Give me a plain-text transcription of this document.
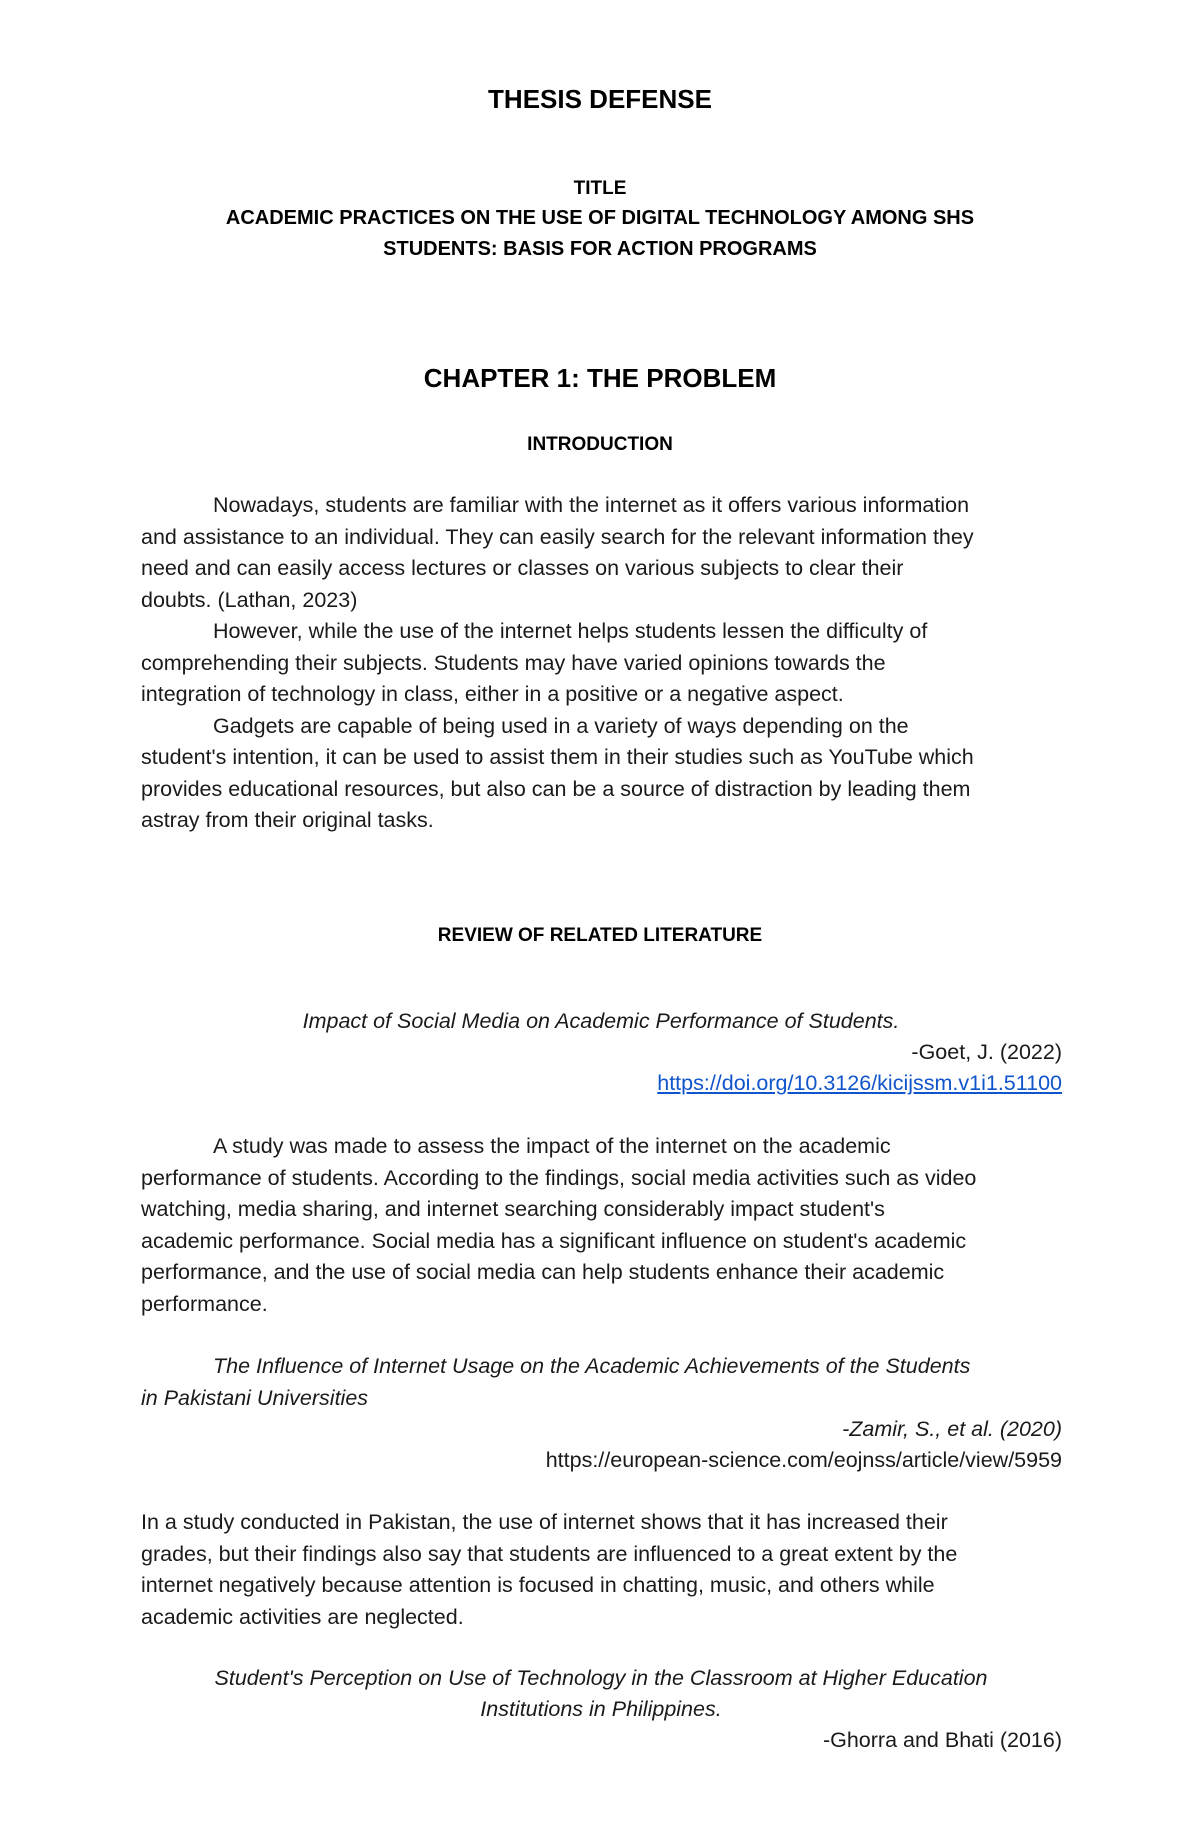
THESIS DEFENSE
TITLE
ACADEMIC PRACTICES ON THE USE OF DIGITAL TECHNOLOGY AMONG SHS
STUDENTS: BASIS FOR ACTION PROGRAMS
CHAPTER 1: THE PROBLEM
INTRODUCTION
Nowadays, students are familiar with the internet as it offers various information
and assistance to an individual. They can easily search for the relevant information they
need and can easily access lectures or classes on various subjects to clear their
doubts. (Lathan, 2023)
However, while the use of the internet helps students lessen the difficulty of
comprehending their subjects. Students may have varied opinions towards the
integration of technology in class, either in a positive or a negative aspect.
Gadgets are capable of being used in a variety of ways depending on the
student's intention, it can be used to assist them in their studies such as YouTube which
provides educational resources, but also can be a source of distraction by leading them
astray from their original tasks.
REVIEW OF RELATED LITERATURE
Impact of Social Media on Academic Performance of Students.
-Goet, J. (2022)
https://doi.org/10.3126/kicijssm.v1i1.51100
A study was made to assess the impact of the internet on the academic
performance of students. According to the findings, social media activities such as video
watching, media sharing, and internet searching considerably impact student's
academic performance. Social media has a significant influence on student's academic
performance, and the use of social media can help students enhance their academic
performance.
The Influence of Internet Usage on the Academic Achievements of the Students
in Pakistani Universities
-Zamir, S., et al. (2020)
https://european-science.com/eojnss/article/view/5959
In a study conducted in Pakistan, the use of internet shows that it has increased their
grades, but their findings also say that students are influenced to a great extent by the
internet negatively because attention is focused in chatting, music, and others while
academic activities are neglected.
Student's Perception on Use of Technology in the Classroom at Higher Education
Institutions in Philippines.
-Ghorra and Bhati (2016)
